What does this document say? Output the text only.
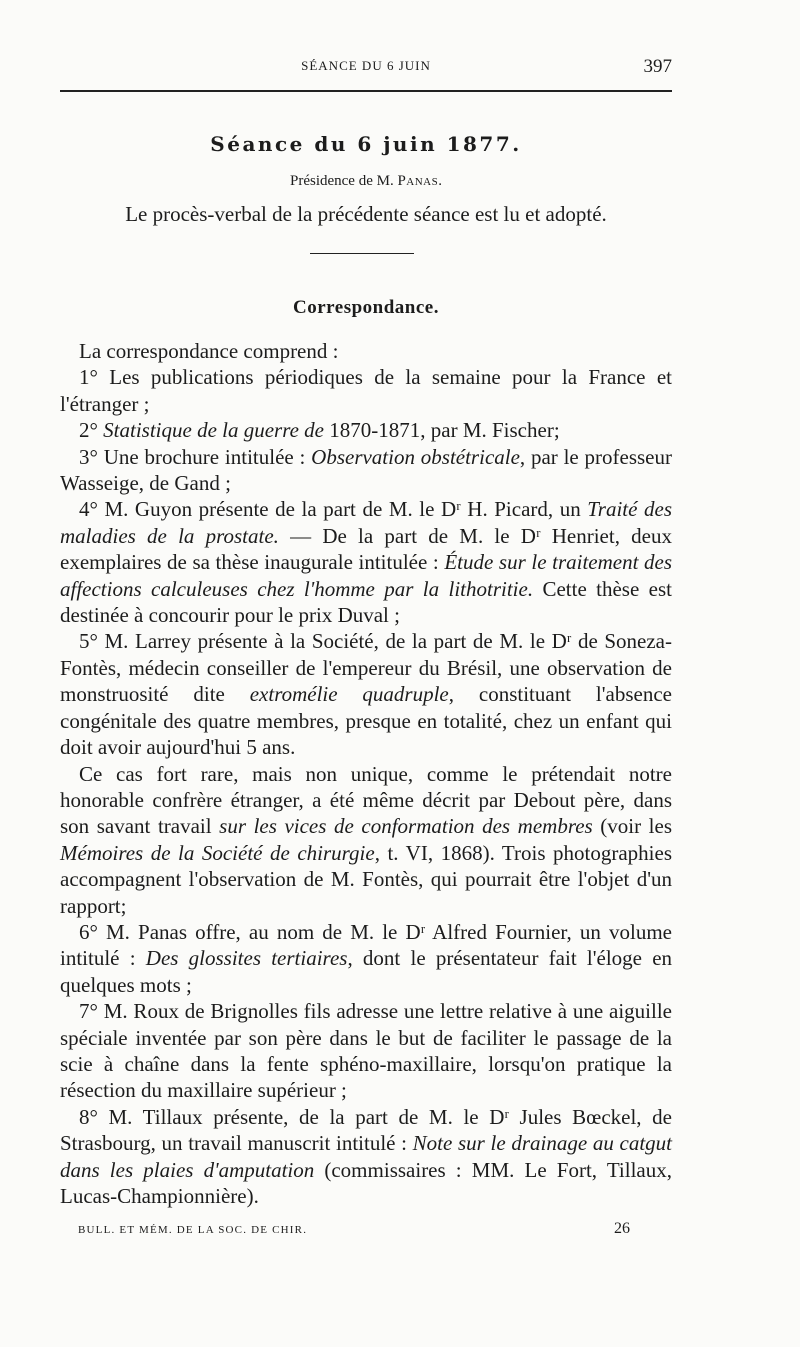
SÉANCE DU 6 JUIN	397
Séance du 6 juin 1877.
Présidence de M. Panas.
Le procès-verbal de la précédente séance est lu et adopté.
Correspondance.

La correspondance comprend :

1° Les publications périodiques de la semaine pour la France et l'étranger ;

2° Statistique de la guerre de 1870-1871, par M. Fischer;

3° Une brochure intitulée : Observation obstétricale, par le professeur Wasseige, de Gand ;

4° M. Guyon présente de la part de M. le Dʳ H. Picard, un Traité des maladies de la prostate. — De la part de M. le Dʳ Henriet, deux exemplaires de sa thèse inaugurale intitulée : Étude sur le traitement des affections calculeuses chez l'homme par la lithotritie. Cette thèse est destinée à concourir pour le prix Duval ;

5° M. Larrey présente à la Société, de la part de M. le Dʳ de Soneza-Fontès, médecin conseiller de l'empereur du Brésil, une observation de monstruosité dite extromélie quadruple, constituant l'absence congénitale des quatre membres, presque en totalité, chez un enfant qui doit avoir aujourd'hui 5 ans.

Ce cas fort rare, mais non unique, comme le prétendait notre honorable confrère étranger, a été même décrit par Debout père, dans son savant travail sur les vices de conformation des membres (voir les Mémoires de la Société de chirurgie, t. VI, 1868). Trois photographies accompagnent l'observation de M. Fontès, qui pourrait être l'objet d'un rapport;

6° M. Panas offre, au nom de M. le Dʳ Alfred Fournier, un volume intitulé : Des glossites tertiaires, dont le présentateur fait l'éloge en quelques mots ;

7° M. Roux de Brignolles fils adresse une lettre relative à une aiguille spéciale inventée par son père dans le but de faciliter le passage de la scie à chaîne dans la fente sphéno-maxillaire, lorsqu'on pratique la résection du maxillaire supérieur ;

8° M. Tillaux présente, de la part de M. le Dʳ Jules Bœckel, de Strasbourg, un travail manuscrit intitulé : Note sur le drainage au catgut dans les plaies d'amputation (commissaires : MM. Le Fort, Tillaux, Lucas-Championnière).

BULL. ET MÉM. DE LA SOC. DE CHIR.	26
